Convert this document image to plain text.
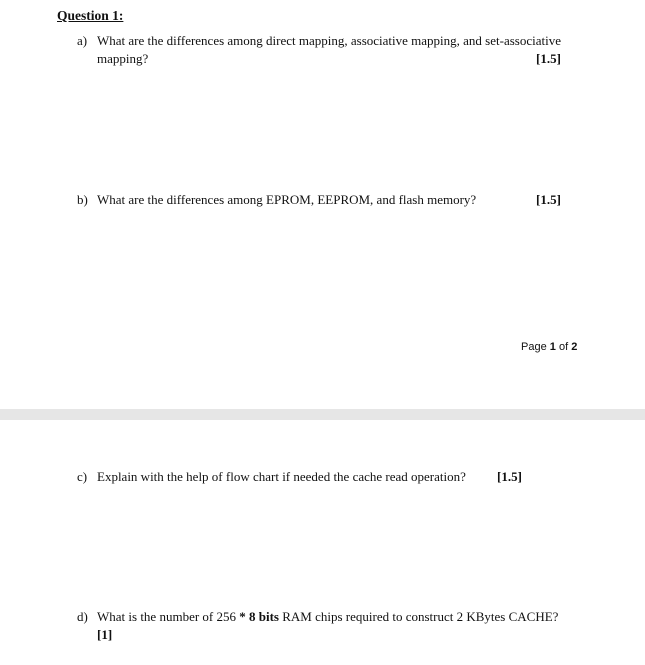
Question 1:
a) What are the differences among direct mapping, associative mapping, and set-associative
mapping?	[1.5]
b) What are the differences among EPROM, EEPROM, and flash memory?	[1.5]
Page 1 of 2
c) Explain with the help of flow chart if needed the cache read operation? [1.5]
d) What is the number of 256 * 8 bits RAM chips required to construct 2 KBytes CACHE?
[1]
